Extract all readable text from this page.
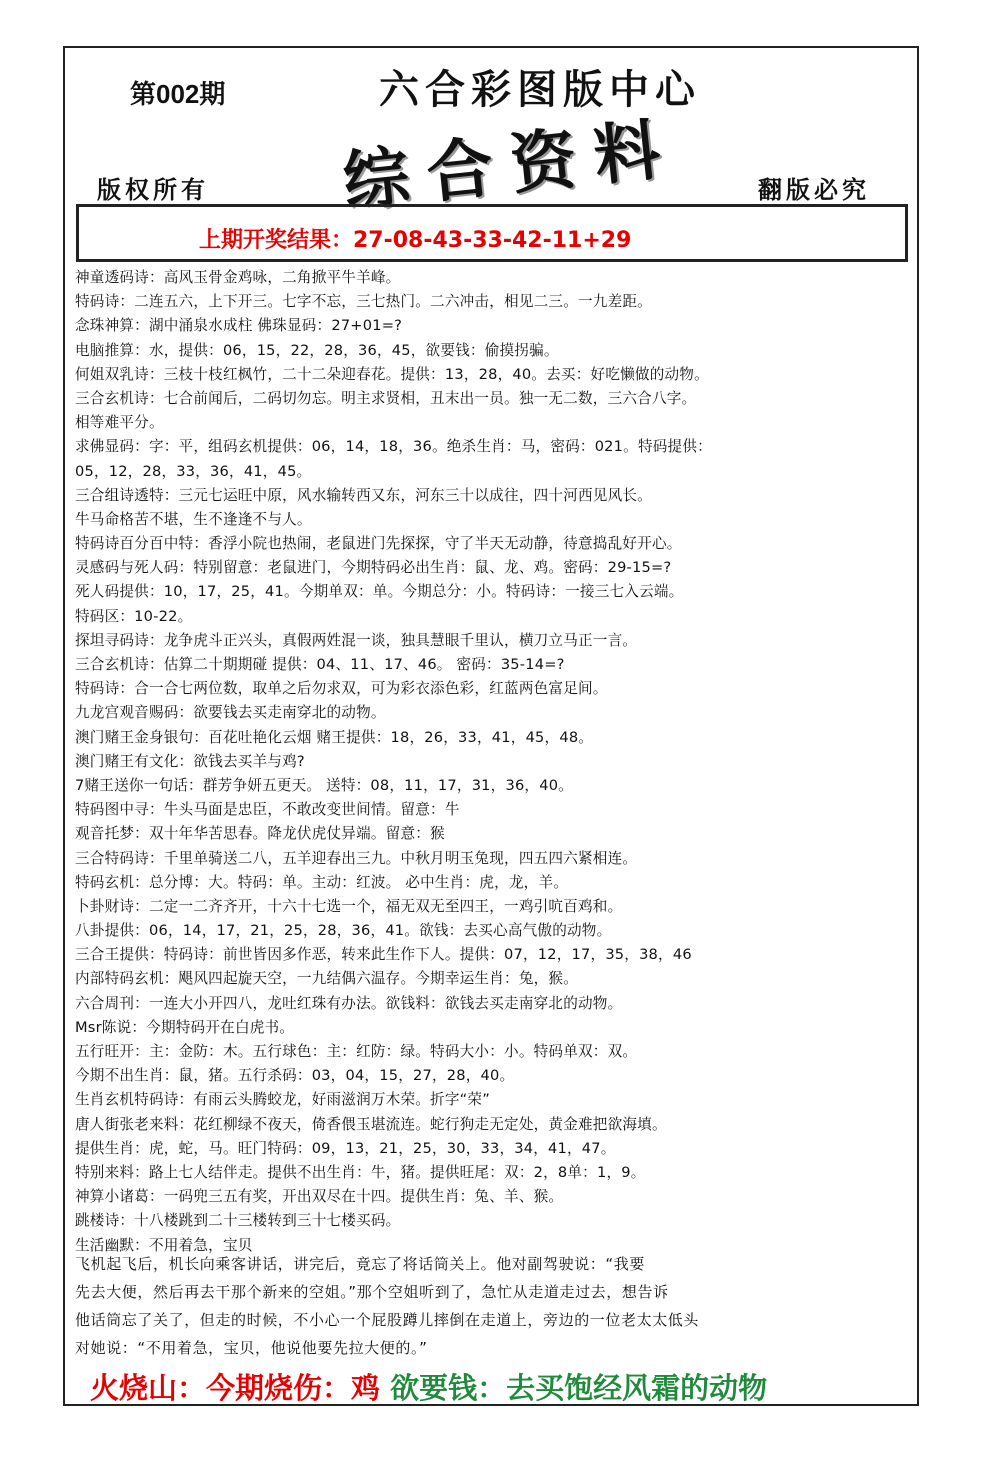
第002期	六合彩图版中心
综合资料
版权所有	翻版必究
上期开奖结果：27-08-43-33-42-11+29
神童透码诗：高风玉骨金鸡咏，二角掀平牛羊峰。
特码诗：二连五六，上下开三。七字不忘，三七热门。二六冲击，相见二三。一九差距。
念珠神算：湖中涌泉水成柱 佛珠显码：27+01=?
电脑推算：水，提供：06，15，22，28，36，45，欲要钱：偷摸拐骗。
何姐双乳诗：三枝十枝红枫竹，二十二朵迎春花。提供：13，28，40。去买：好吃懒做的动物。
三合玄机诗：七合前闻后，二码切勿忘。明主求贤相，丑末出一员。独一无二数，三六合八字。
相等难平分。
求佛显码：字：平，组码玄机提供：06，14，18，36。绝杀生肖：马，密码：021。特码提供：
05，12，28，33，36，41，45。
三合组诗透特：三元七运旺中原，风水输转西又东，河东三十以成往，四十河西见风长。
牛马命格苦不堪，生不逢逢不与人。
特码诗百分百中特：香浮小院也热闹，老鼠进门先探探，守了半天无动静，待意捣乱好开心。
灵感码与死人码：特别留意：老鼠进门，今期特码必出生肖：鼠、龙、鸡。密码：29-15=?
死人码提供：10，17，25，41。今期单双：单。今期总分：小。特码诗：一接三七入云端。
特码区：10-22。
探坦寻码诗：龙争虎斗正兴头，真假两姓混一谈，独具慧眼千里认，横刀立马正一言。
三合玄机诗：估算二十期期碰 提供：04、11、17、46。 密码：35-14=?
特码诗：合一合七两位数，取单之后勿求双，可为彩衣添色彩，红蓝两色富足间。
九龙宫观音赐码：欲要钱去买走南穿北的动物。
澳门赌王金身银句：百花吐艳化云烟 赌王提供：18，26，33，41，45，48。
澳门赌王有文化：欲钱去买羊与鸡?
7赌王送你一句话：群芳争妍五更天。 送特：08，11，17，31，36，40。
特码图中寻：牛头马面是忠臣，不敢改变世间情。留意：牛
观音托梦：双十年华苦思春。降龙伏虎仗异端。留意：猴
三合特码诗：千里单骑送二八，五羊迎春出三九。中秋月明玉兔现，四五四六紧相连。
特码玄机：总分博：大。特码：单。主动：红波。 必中生肖：虎，龙，羊。
卜卦财诗：二定一二齐齐开，十六十七选一个，福无双无至四王，一鸡引吭百鸡和。
八卦提供：06，14，17，21，25，28，36，41。欲钱：去买心高气傲的动物。
三合王提供：特码诗：前世皆因多作恶，转来此生作下人。提供：07，12，17，35，38，46
内部特码玄机：飓风四起旋天空，一九结偶六温存。今期幸运生肖：兔，猴。
六合周刊：一连大小开四八，龙吐红珠有办法。欲钱料：欲钱去买走南穿北的动物。
Msr陈说：今期特码开在白虎书。
五行旺开：主：金防：木。五行球色：主：红防：绿。特码大小：小。特码单双：双。
今期不出生肖：鼠，猪。五行杀码：03，04，15，27，28，40。
生肖玄机特码诗：有雨云头腾蛟龙，好雨滋润万木荣。折字“荣”
唐人街张老来料：花红柳绿不夜天，倚香偎玉堪流连。蛇行狗走无定处，黄金难把欲海填。
提供生肖：虎，蛇，马。旺门特码：09，13，21，25，30，33，34，41，47。
特别来料：路上七人结伴走。提供不出生肖：牛，猪。提供旺尾：双：2，8单：1，9。
神算小诸葛：一码兜三五有奖，开出双尽在十四。提供生肖：兔、羊、猴。
跳楼诗：十八楼跳到二十三楼转到三十七楼买码。
生活幽默：不用着急，宝贝
飞机起飞后，机长向乘客讲话，讲完后，竟忘了将话筒关上。他对副驾驶说：“我要
先去大便，然后再去干那个新来的空姐。”那个空姐听到了，急忙从走道走过去，想告诉
他话筒忘了关了，但走的时候，不小心一个屁股蹲儿摔倒在走道上，旁边的一位老太太低头
对她说：“不用着急，宝贝，他说他要先拉大便的。”
火烧山：今期烧伤：鸡 欲要钱：去买饱经风霜的动物
